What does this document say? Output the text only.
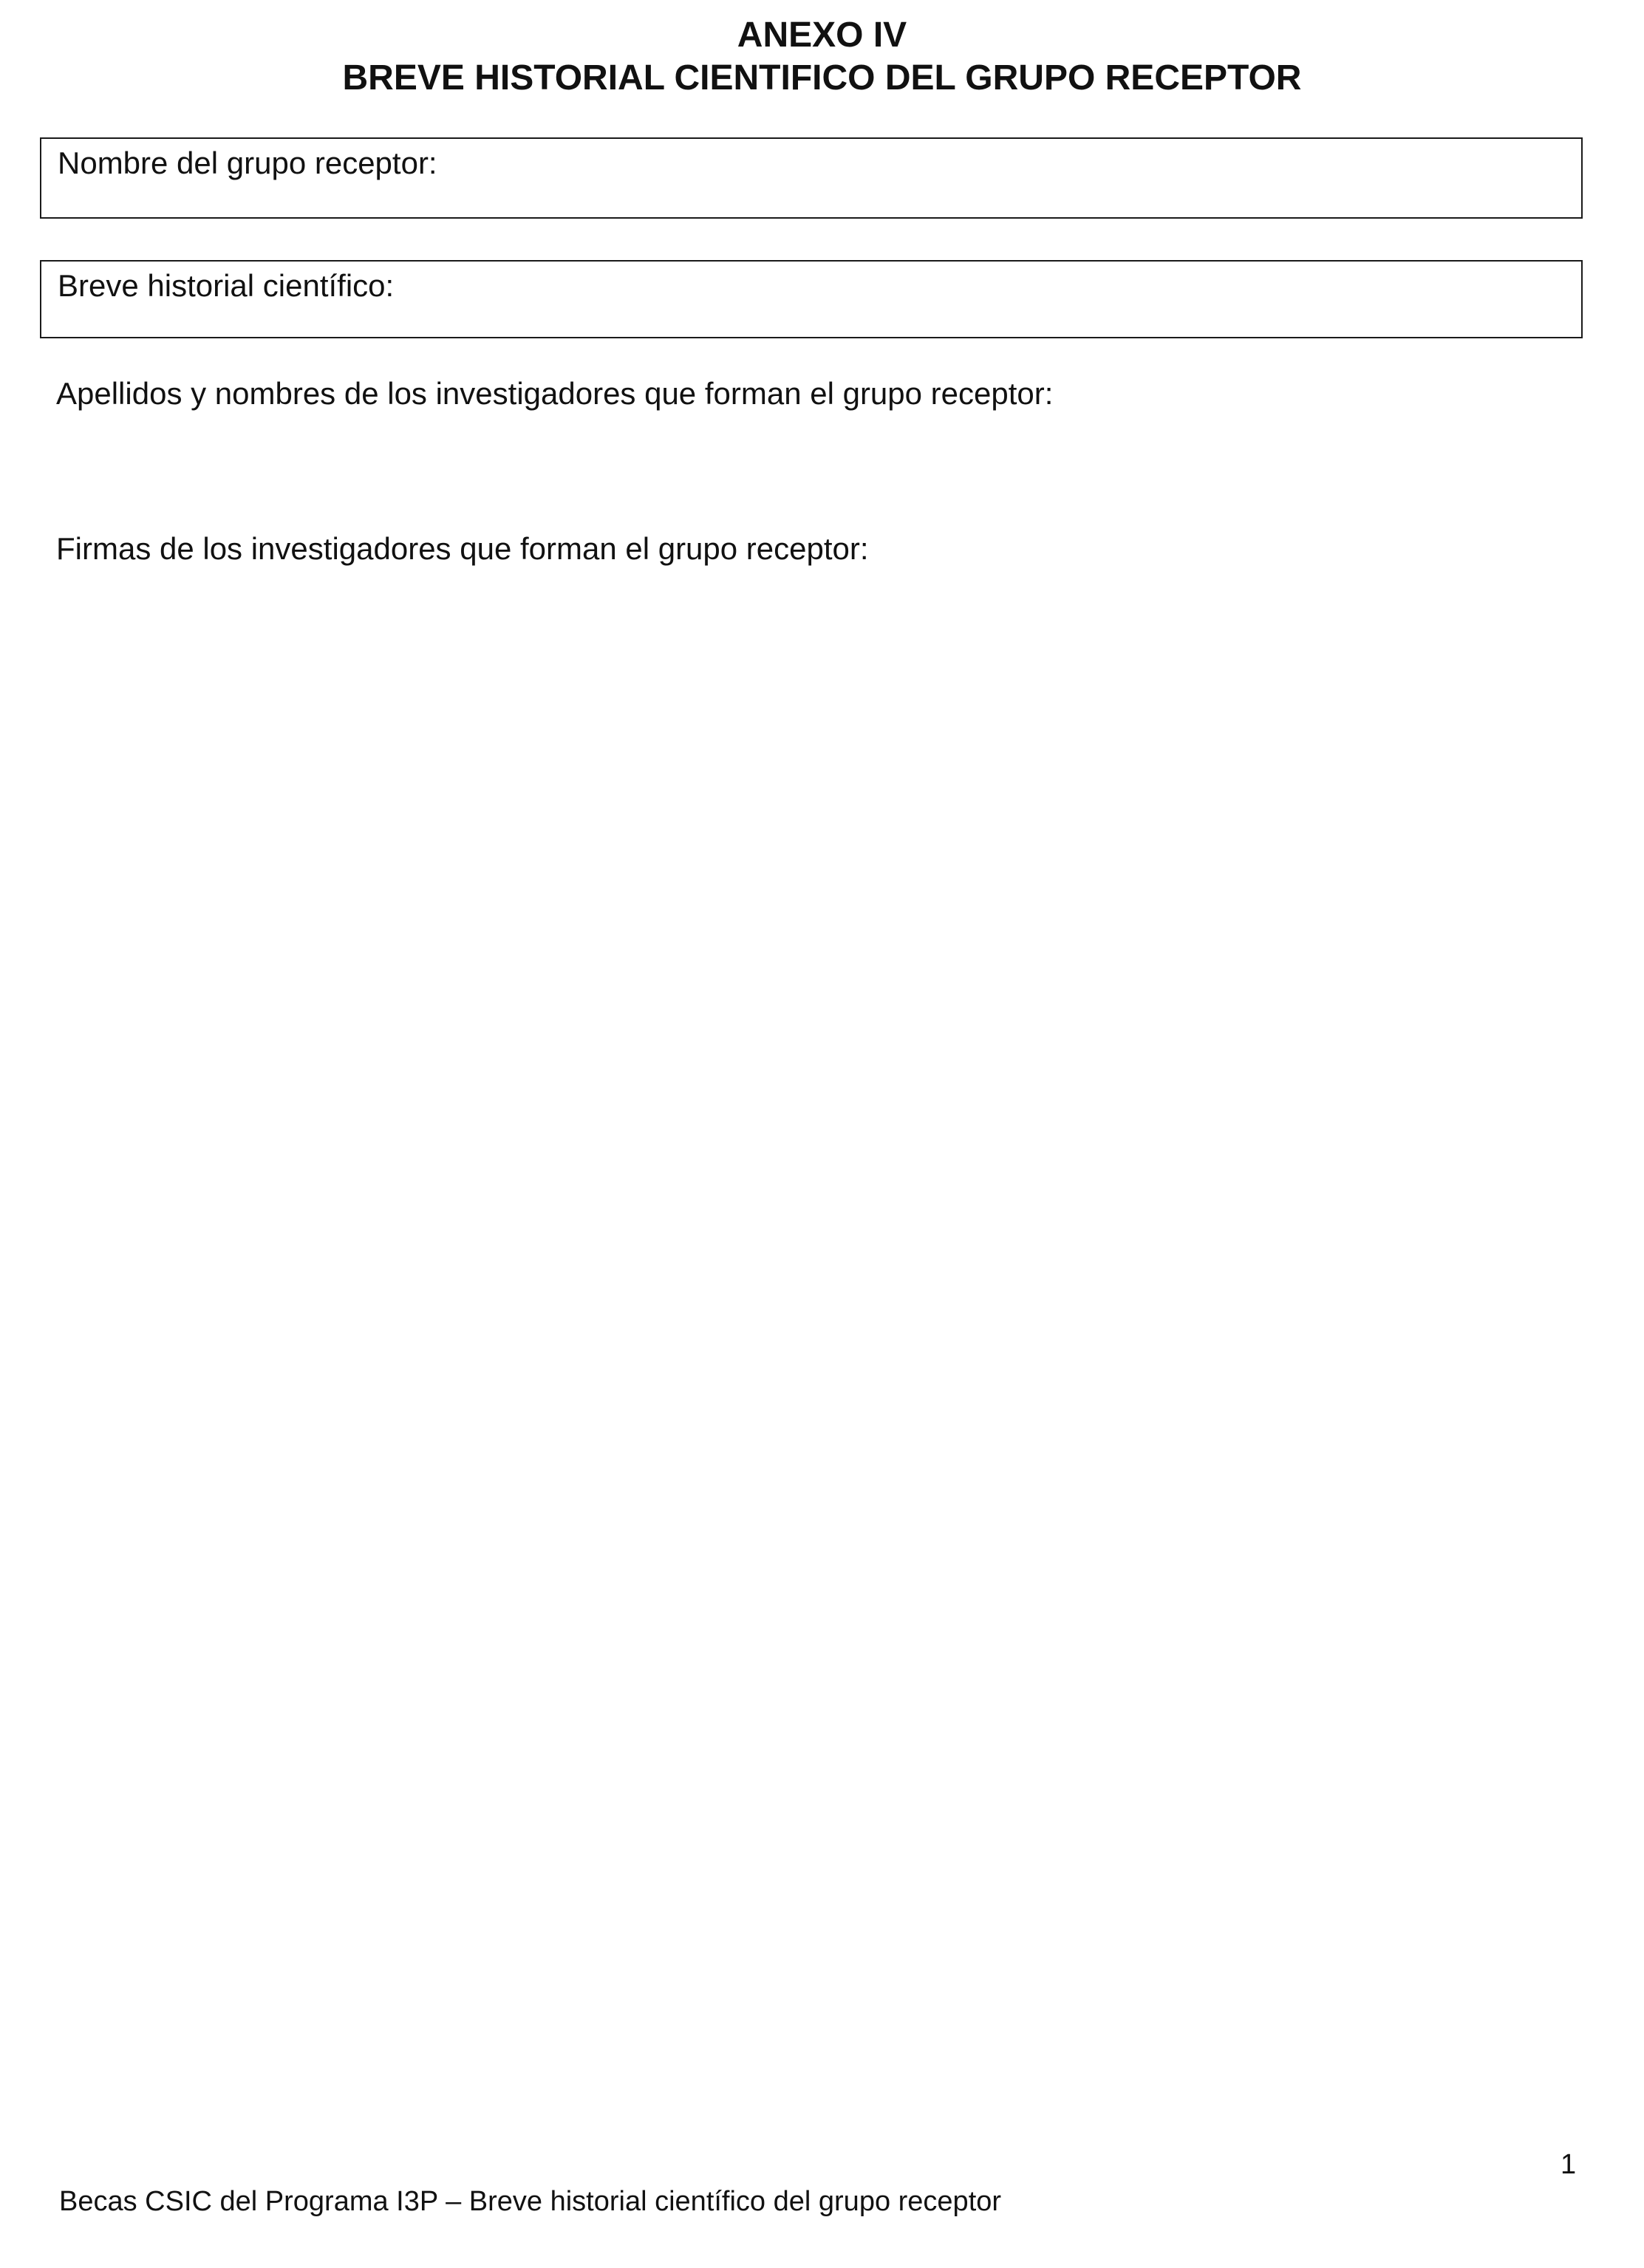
ANEXO IV
BREVE HISTORIAL CIENTIFICO DEL GRUPO RECEPTOR
Nombre del grupo receptor:
Breve historial científico:
Apellidos y nombres de los investigadores que forman el grupo receptor:
Firmas de los investigadores que forman el grupo receptor:
1
Becas CSIC del Programa I3P – Breve historial científico del grupo receptor
